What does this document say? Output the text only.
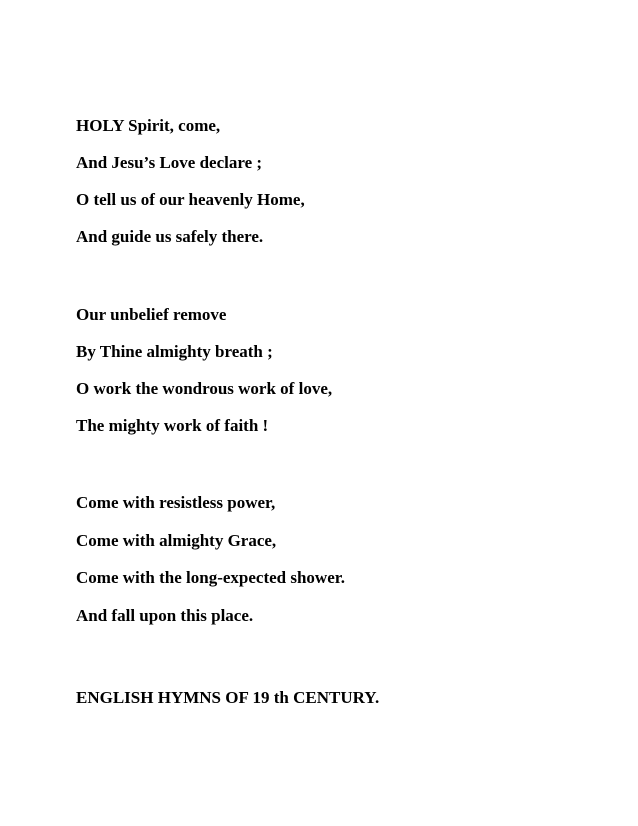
HOLY Spirit, come,

And Jesu’s Love declare ;

O tell us of our heavenly Home,

And guide us safely there.

Our unbelief remove

By Thine almighty breath ;

O work the wondrous work of love,

The mighty work of faith !

Come with resistless power,

Come with almighty Grace,

Come with the long-expected shower.

And fall upon this place.

ENGLISH HYMNS OF 19 th CENTURY.
